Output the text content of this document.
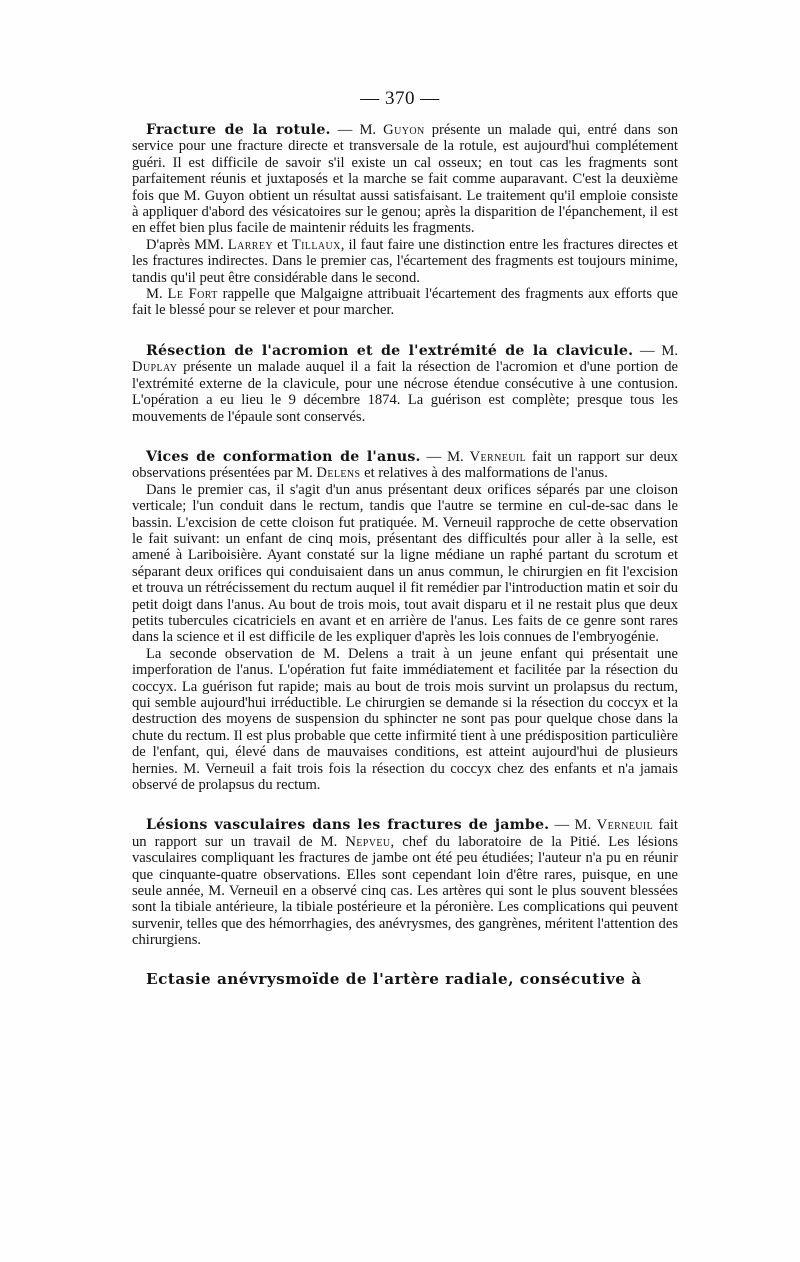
— 370 —

Fracture de la rotule. — M. Guyon présente un malade qui, entré dans son service pour une fracture directe et transversale de la rotule, est aujourd'hui complétement guéri. Il est difficile de savoir s'il existe un cal osseux; en tout cas les fragments sont parfaitement réunis et juxtaposés et la marche se fait comme auparavant. C'est la deuxième fois que M. Guyon obtient un résultat aussi satisfaisant. Le traitement qu'il emploie consiste à appliquer d'abord des vésicatoires sur le genou; après la disparition de l'épanchement, il est en effet bien plus facile de maintenir réduits les fragments.

D'après MM. Larrey et Tillaux, il faut faire une distinction entre les fractures directes et les fractures indirectes. Dans le premier cas, l'écartement des fragments est toujours minime, tandis qu'il peut être considérable dans le second.

M. Le Fort rappelle que Malgaigne attribuait l'écartement des fragments aux efforts que fait le blessé pour se relever et pour marcher.

Résection de l'acromion et de l'extrémité de la clavicule. — M. Duplay présente un malade auquel il a fait la résection de l'acromion et d'une portion de l'extrémité externe de la clavicule, pour une nécrose étendue consécutive à une contusion. L'opération a eu lieu le 9 décembre 1874. La guérison est complète; presque tous les mouvements de l'épaule sont conservés.

Vices de conformation de l'anus. — M. Verneuil fait un rapport sur deux observations présentées par M. Delens et relatives à des malformations de l'anus.

Dans le premier cas, il s'agit d'un anus présentant deux orifices séparés par une cloison verticale; l'un conduit dans le rectum, tandis que l'autre se termine en cul-de-sac dans le bassin. L'excision de cette cloison fut pratiquée. M. Verneuil rapproche de cette observation le fait suivant: un enfant de cinq mois, présentant des difficultés pour aller à la selle, est amené à Lariboisière. Ayant constaté sur la ligne médiane un raphé partant du scrotum et séparant deux orifices qui conduisaient dans un anus commun, le chirurgien en fit l'excision et trouva un rétrécissement du rectum auquel il fit remédier par l'introduction matin et soir du petit doigt dans l'anus. Au bout de trois mois, tout avait disparu et il ne restait plus que deux petits tubercules cicatriciels en avant et en arrière de l'anus. Les faits de ce genre sont rares dans la science et il est difficile de les expliquer d'après les lois connues de l'embryogénie.

La seconde observation de M. Delens a trait à un jeune enfant qui présentait une imperforation de l'anus. L'opération fut faite immédiatement et facilitée par la résection du coccyx. La guérison fut rapide; mais au bout de trois mois survint un prolapsus du rectum, qui semble aujourd'hui irréductible. Le chirurgien se demande si la résection du coccyx et la destruction des moyens de suspension du sphincter ne sont pas pour quelque chose dans la chute du rectum. Il est plus probable que cette infirmité tient à une prédisposition particulière de l'enfant, qui, élevé dans de mauvaises conditions, est atteint aujourd'hui de plusieurs hernies. M. Verneuil a fait trois fois la résection du coccyx chez des enfants et n'a jamais observé de prolapsus du rectum.

Lésions vasculaires dans les fractures de jambe. — M. Verneuil fait un rapport sur un travail de M. Nepveu, chef du laboratoire de la Pitié. Les lésions vasculaires compliquant les fractures de jambe ont été peu étudiées; l'auteur n'a pu en réunir que cinquante-quatre observations. Elles sont cependant loin d'être rares, puisque, en une seule année, M. Verneuil en a observé cinq cas. Les artères qui sont le plus souvent blessées sont la tibiale antérieure, la tibiale postérieure et la péronière. Les complications qui peuvent survenir, telles que des hémorrhagies, des anévrysmes, des gangrènes, méritent l'attention des chirurgiens.

Ectasie anévrysmoïde de l'artère radiale, consécutive à
